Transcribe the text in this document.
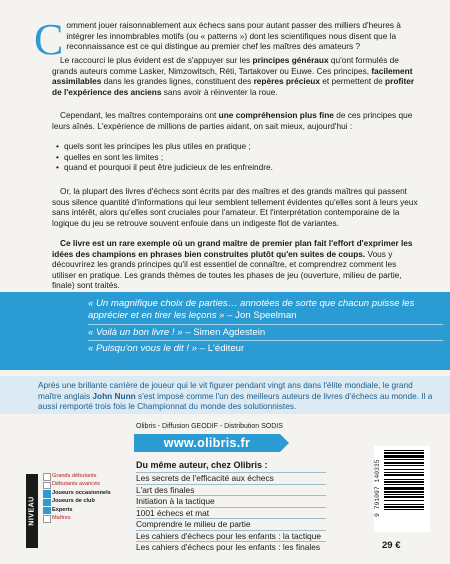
C omment jouer raisonnablement aux échecs sans pour autant passer des milliers d'heures à intégrer les innombrables motifs (ou « patterns ») dont les scientifiques nous disent que la reconnaissance est ce qui distingue au premier chef les maîtres des amateurs ?

Le raccourci le plus évident est de s'appuyer sur les principes généraux qu'ont formulés de grands auteurs comme Lasker, Nimzowitsch, Réti, Tartakover ou Euwe. Ces principes, facilement assimilables dans les grandes lignes, constituent des repères précieux et permettent de profiter de l'expérience des anciens sans avoir à réinventer la roue.

Cependant, les maîtres contemporains ont une compréhension plus fine de ces principes que leurs aînés. L'expérience de millions de parties aidant, on sait mieux, aujourd'hui :

• quels sont les principes les plus utiles en pratique ;
• quelles en sont les limites ;
• quand et pourquoi il peut être judicieux de les enfreindre.

Or, la plupart des livres d'échecs sont écrits par des maîtres et des grands maîtres qui passent sous silence quantité d'informations qui leur semblent tellement évidentes qu'elles sont à leurs yeux sans intérêt, alors qu'elles sont cruciales pour l'amateur. Et l'interprétation contemporaine de la logique du jeu se retrouve souvent enfouie dans un indigeste flot de variantes.

Ce livre est un rare exemple où un grand maître de premier plan fait l'effort d'exprimer les idées des champions en phrases bien construites plutôt qu'en suites de coups. Vous y découvrirez les grands principes qu'il est essentiel de connaître, et comprendrez comment les utiliser en pratique. Les grands thèmes de toutes les phases de jeu (ouverture, milieu de partie, finale) sont traités.

« Un magnifique choix de parties… annotées de sorte que chacun puisse les apprécier et en tirer les leçons » – Jon Speelman

« Voilà un bon livre ! » – Simen Agdestein

« Puisqu'on vous le dit ! » – L'éditeur

Après une brillante carrière de joueur qui le vit figurer pendant vingt ans dans l'élite mondiale, le grand maître anglais John Nunn s'est imposé comme l'un des meilleurs auteurs de livres d'échecs au monde. Il a aussi remporté trois fois le Championnat du monde des solutionnistes.

Olibris - Diffusion GEODIF - Distribution SODIS
www.olibris.fr

Du même auteur, chez Olibris :

Les secrets de l'efficacité aux échecs

L'art des finales

Initiation à la tactique

1001 échecs et mat

Comprendre le milieu de partie

Les cahiers d'échecs pour les enfants : la tactique

Les cahiers d'échecs pour les enfants : les finales

NIVEAU
Grands débutants
Débutants avancés
Joueurs occasionnels
Joueurs de club
Experts
Maîtres
9 791097 140335
29 €
